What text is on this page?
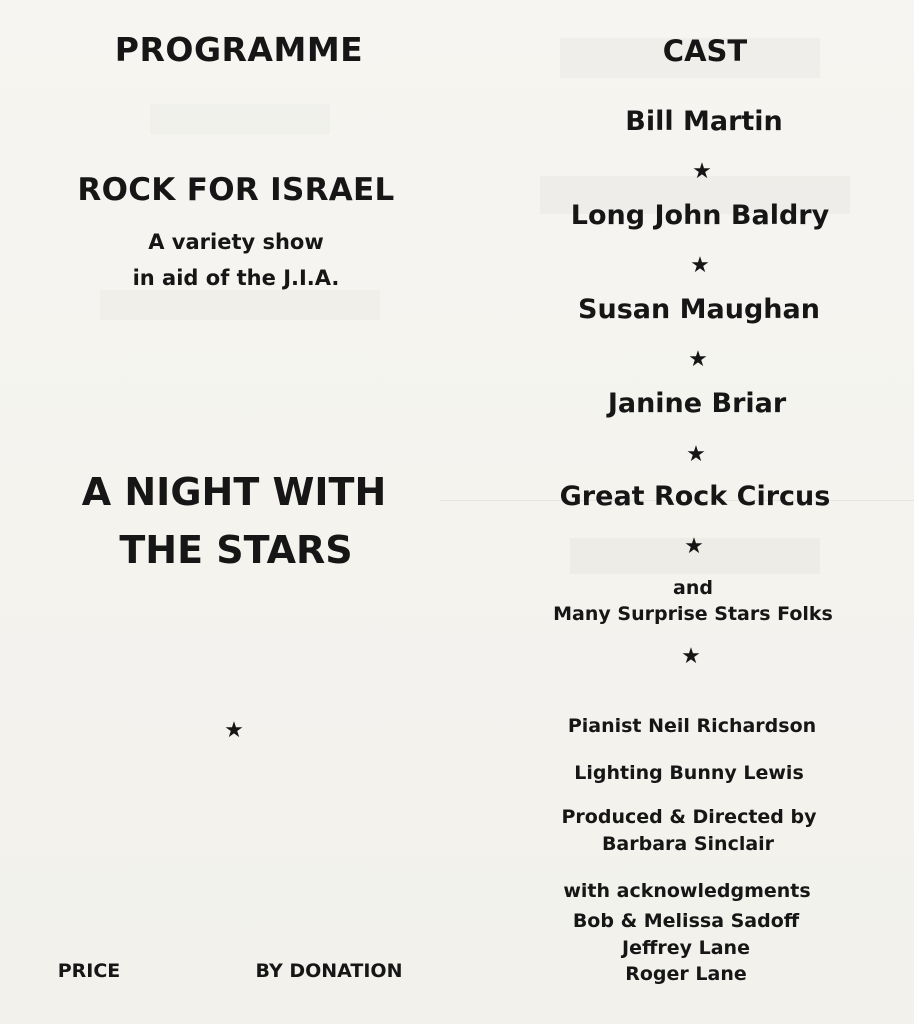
PROGRAMME
ROCK FOR ISRAEL
A variety show
in aid of the J.I.A.
A NIGHT WITH
THE STARS
★
PRICE	BY DONATION
CAST
Bill Martin
★
Long John Baldry
★
Susan Maughan
★
Janine Briar
★
Great Rock Circus
★
and
Many Surprise Stars Folks
★
Pianist Neil Richardson
Lighting Bunny Lewis
Produced & Directed by
Barbara Sinclair
with acknowledgments
Bob & Melissa Sadoff
Jeffrey Lane
Roger Lane
